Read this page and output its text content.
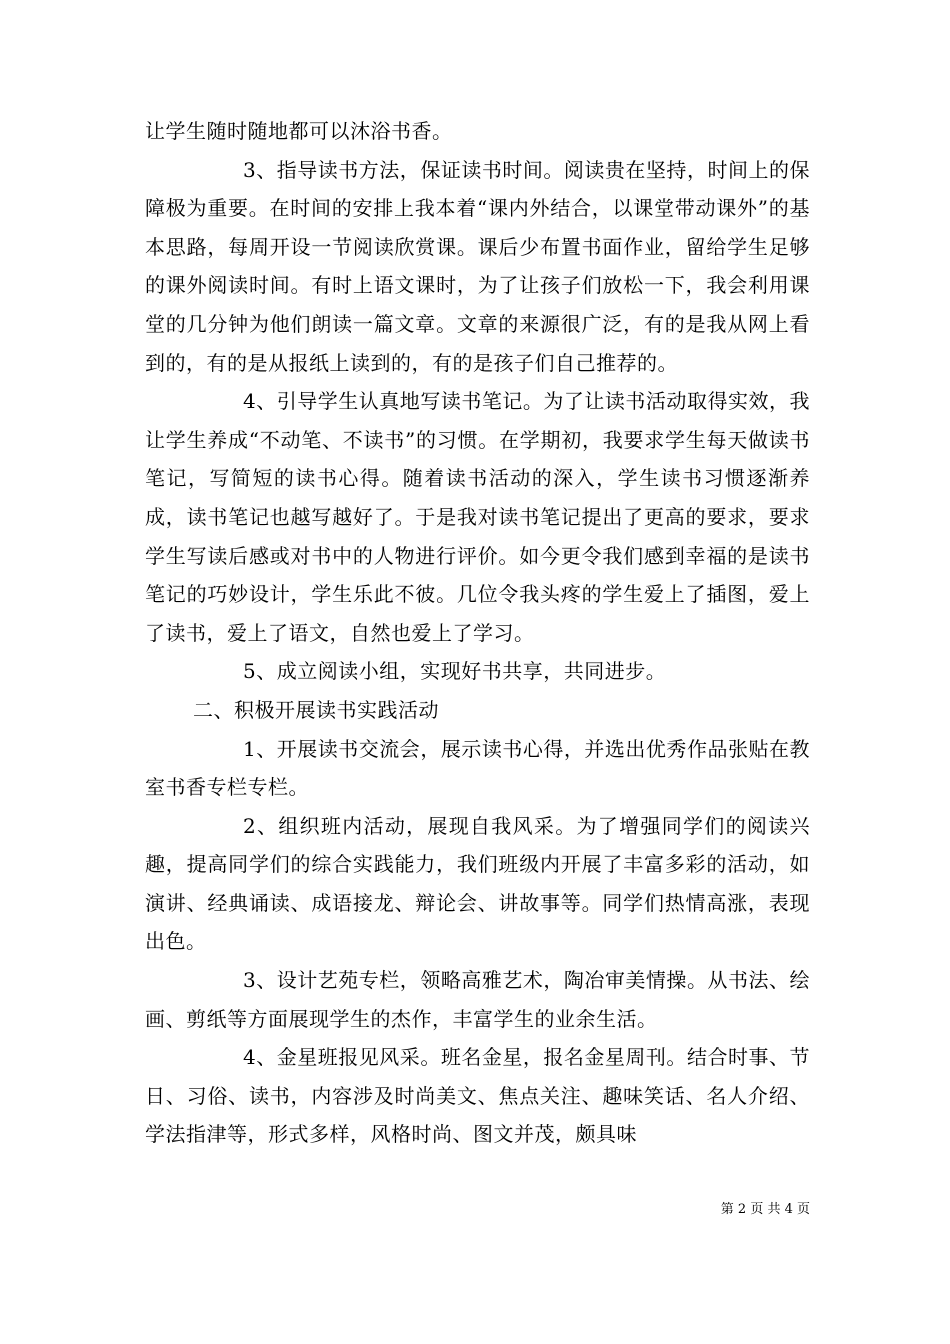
让学生随时随地都可以沐浴书香。

3、指导读书方法，保证读书时间。阅读贵在坚持，时间上的保障极为重要。在时间的安排上我本着“课内外结合，以课堂带动课外”的基本思路，每周开设一节阅读欣赏课。课后少布置书面作业，留给学生足够的课外阅读时间。有时上语文课时，为了让孩子们放松一下，我会利用课堂的几分钟为他们朗读一篇文章。文章的来源很广泛，有的是我从网上看到的，有的是从报纸上读到的，有的是孩子们自己推荐的。

4、引导学生认真地写读书笔记。为了让读书活动取得实效，我让学生养成“不动笔、不读书”的习惯。在学期初，我要求学生每天做读书笔记，写简短的读书心得。随着读书活动的深入，学生读书习惯逐渐养成，读书笔记也越写越好了。于是我对读书笔记提出了更高的要求，要求学生写读后感或对书中的人物进行评价。如今更令我们感到幸福的是读书笔记的巧妙设计，学生乐此不彼。几位令我头疼的学生爱上了插图，爱上了读书，爱上了语文，自然也爱上了学习。

5、成立阅读小组，实现好书共享，共同进步。

二、积极开展读书实践活动

1、开展读书交流会，展示读书心得，并选出优秀作品张贴在教室书香专栏专栏。

2、组织班内活动，展现自我风采。为了增强同学们的阅读兴趣，提高同学们的综合实践能力，我们班级内开展了丰富多彩的活动，如演讲、经典诵读、成语接龙、辩论会、讲故事等。同学们热情高涨，表现出色。

3、设计艺苑专栏，领略高雅艺术，陶冶审美情操。从书法、绘画、剪纸等方面展现学生的杰作，丰富学生的业余生活。

4、金星班报见风采。班名金星，报名金星周刊。结合时事、节日、习俗、读书，内容涉及时尚美文、焦点关注、趣味笑话、名人介绍、学法指津等，形式多样，风格时尚、图文并茂，颇具味

第 2 页 共 4 页
